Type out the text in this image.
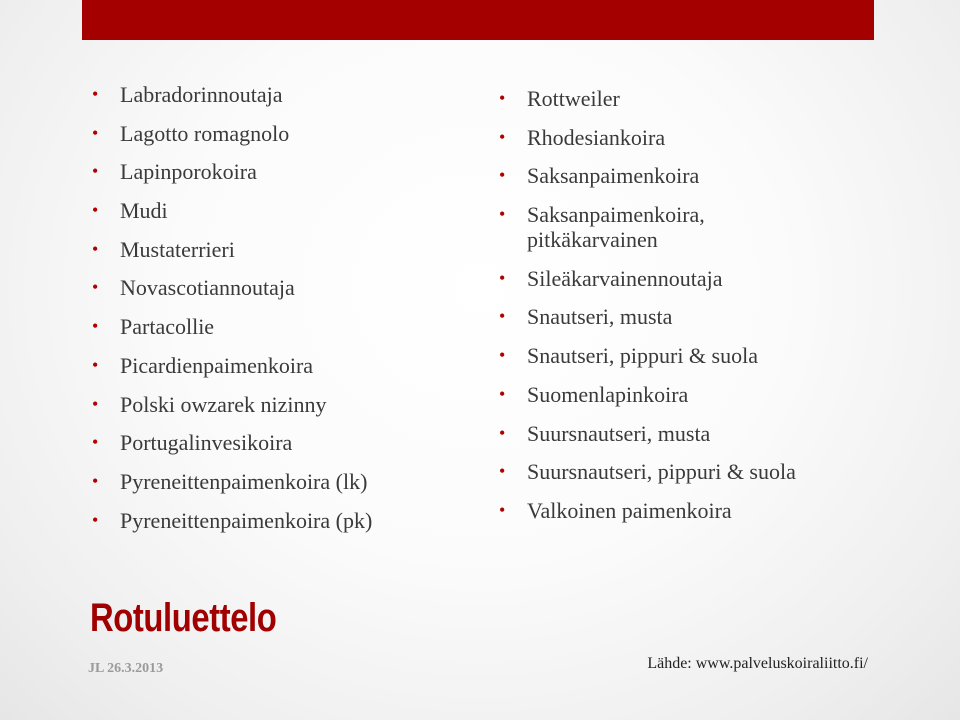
• Labradorinnoutaja
• Lagotto romagnolo
• Lapinporokoira
• Mudi
• Mustaterrieri
• Novascotiannoutaja
• Partacollie
• Picardienpaimenkoira
• Polski owzarek nizinny
• Portugalinvesikoira
• Pyreneittenpaimenkoira (lk)
• Pyreneittenpaimenkoira (pk)
• Rottweiler
• Rhodesiankoira
• Saksanpaimenkoira
• Saksanpaimenkoira, pitkäkarvainen
• Sileäkarvainennoutaja
• Snautseri, musta
• Snautseri, pippuri & suola
• Suomenlapinkoira
• Suursnautseri, musta
• Suursnautseri, pippuri & suola
• Valkoinen paimenkoira
Rotuluettelo
JL 26.3.2013	Lähde: www.palveluskoiraliitto.fi/
